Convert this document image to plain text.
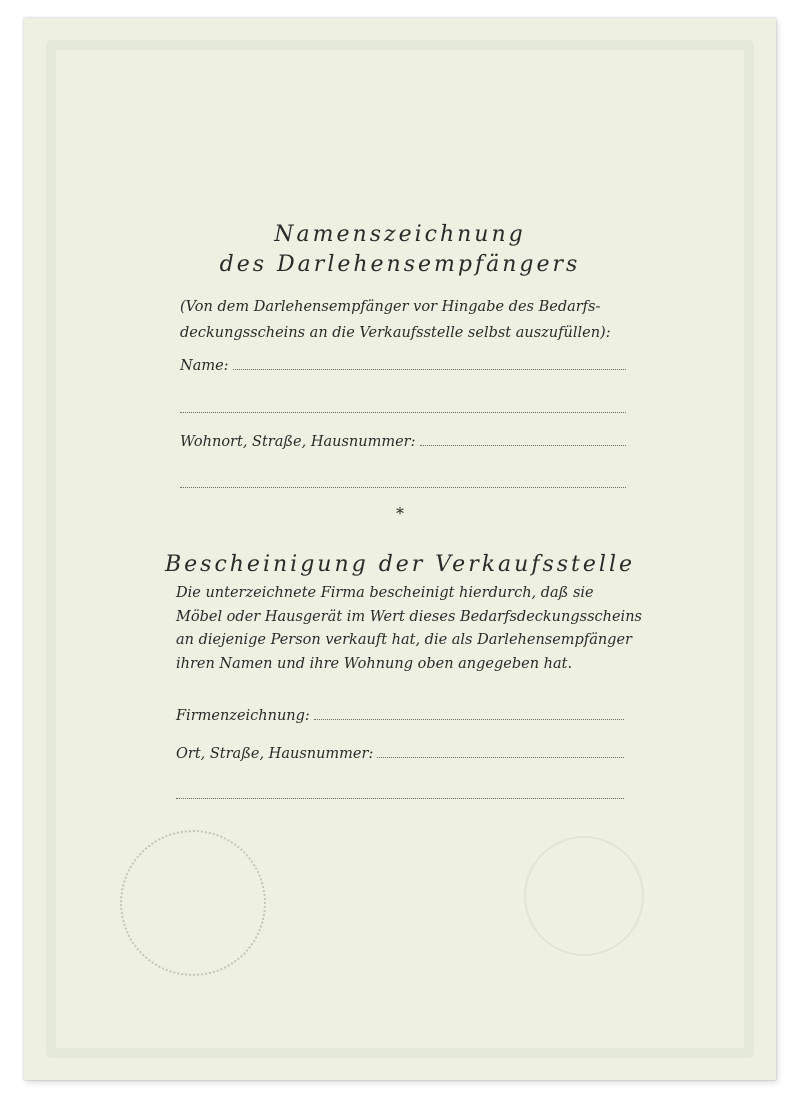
Namenszeichnung
des Darlehensempfängers
(Von dem Darlehensempfänger vor Hingabe des Bedarfs-
deckungsscheins an die Verkaufsstelle selbst auszufüllen):
Name:
Wohnort, Straße, Hausnummer:
*
Bescheinigung der Verkaufsstelle
Die unterzeichnete Firma bescheinigt hierdurch, daß sie
Möbel oder Hausgerät im Wert dieses Bedarfsdeckungsscheins
an diejenige Person verkauft hat, die als Darlehensempfänger
ihren Namen und ihre Wohnung oben angegeben hat.
Firmenzeichnung:
Ort, Straße, Hausnummer:
